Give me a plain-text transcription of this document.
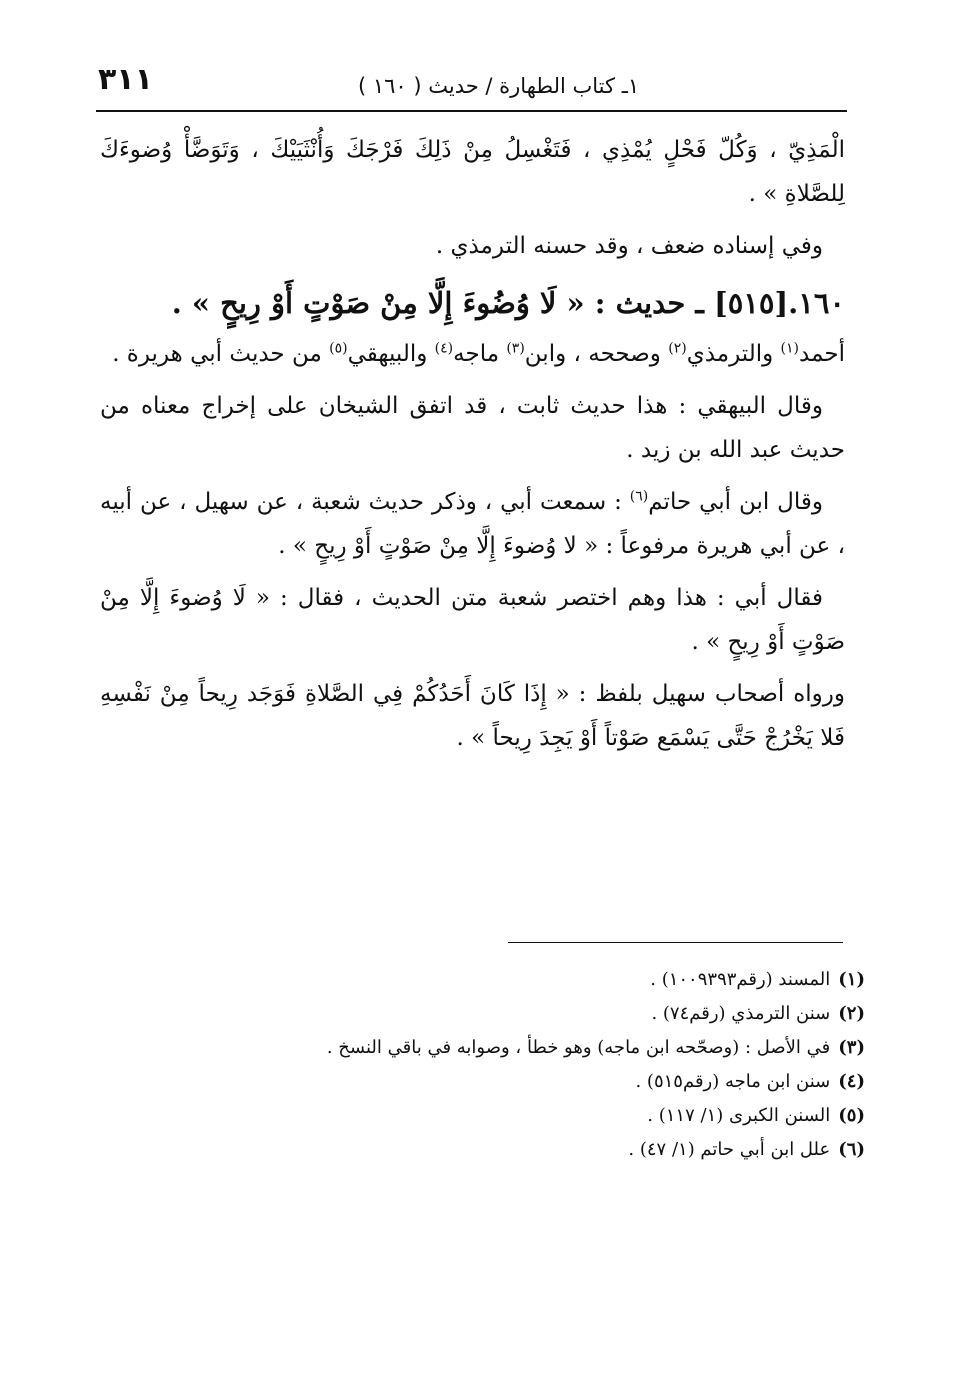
٣١١	١ـ كتاب الطهارة / حديث ( ١٦٠ )

الْمَذِيّ ، وَكُلّ فَحْلٍ يُمْذِي ، فَتَغْسِلُ مِنْ ذَلِكَ فَرْجَكَ وَأُنْثَيَيْكَ ، وَتَوَضَّأْ وُضوءَكَ لِلصَّلاةِ » .

وفي إسناده ضعف ، وقد حسنه الترمذي .

١٦٠.[٥١٥] ـ حديث : « لَا وُضُوءَ إِلَّا مِنْ صَوْتٍ أَوْ رِيحٍ » .

أحمد$^{(١)}$ والترمذي$^{(٢)}$ وصححه ، وابن$^{(٣)}$ ماجه$^{(٤)}$ والبيهقي$^{(٥)}$ من حديث أبي هريرة .

وقال البيهقي : هذا حديث ثابت ، قد اتفق الشيخان على إخراج معناه من حديث عبد الله بن زيد .

وقال ابن أبي حاتم$^{(٦)}$ : سمعت أبي ، وذكر حديث شعبة ، عن سهيل ، عن أبيه ، عن أبي هريرة مرفوعاً : « لا وُضوءَ إِلَّا مِنْ صَوْتٍ أَوْ رِيحٍ » .

فقال أبي : هذا وهم اختصر شعبة متن الحديث ، فقال : « لَا وُضوءَ إِلَّا مِنْ صَوْتٍ أَوْ رِيحٍ » .

ورواه أصحاب سهيل بلفظ : « إِذَا كَانَ أَحَدُكُمْ فِي الصَّلاةِ فَوَجَد رِيحاً مِنْ نَفْسِهِ فَلا يَخْرُجْ حَتَّى يَسْمَع صَوْتاً أَوْ يَجِدَ رِيحاً » .

(١)المسند (رقم٩٣‏١٠٠٩٣) .
(٢)سنن الترمذي (رقم٧٤) .
(٣)في الأصل : (وصحّحه ابن ماجه) وهو خطأ ، وصوابه في باقي النسخ .
(٤)سنن ابن ماجه (رقم٥١٥) .
(٥)السنن الكبرى (١/ ١١٧) .
(٦)علل ابن أبي حاتم (١/ ٤٧) .
